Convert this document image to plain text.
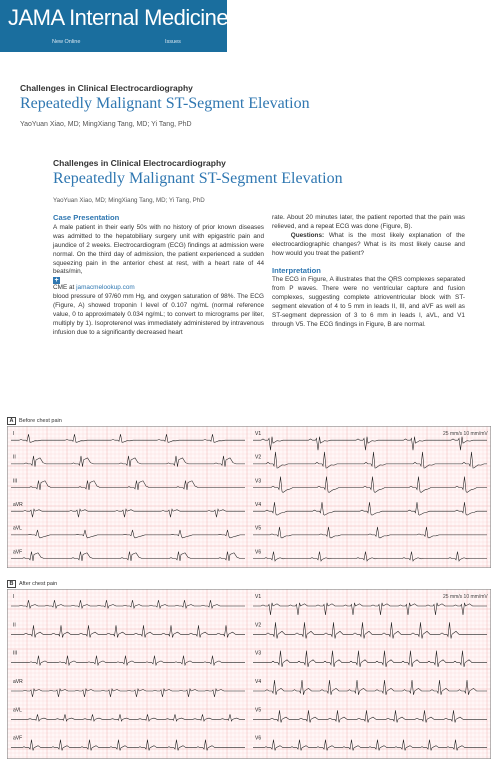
JAMA Internal Medicine
New Online	Issues
Challenges in Clinical Electrocardiography
Repeatedly Malignant ST-Segment Elevation
YaoYuan Xiao, MD; MingXiang Tang, MD; Yi Tang, PhD
Challenges in Clinical Electrocardiography
Repeatedly Malignant ST-Segment Elevation
YaoYuan Xiao, MD; MingXiang Tang, MD; Yi Tang, PhD
Case Presentation

A male patient in their early 50s with no history of prior known diseases was admitted to the hepatobiliary surgery unit with epigastric pain and jaundice of 2 weeks. Electrocardiogram (ECG) findings at admission were normal. On the third day of admission, the patient experienced a sudden squeezing pain in the anterior chest at rest, with a heart rate of 44 beats/min,

+

CME at jamacmelookup.com

blood pressure of 97/60 mm Hg, and oxygen saturation of 98%. The ECG (Figure, A) showed troponin I level of 0.107 ng/mL (normal reference value, 0 to approximately 0.034 ng/mL; to convert to micrograms per liter, multiply by 1). Isoproterenol was immediately administered by intravenous infusion due to a significantly decreased heart

rate. About 20 minutes later, the patient reported that the pain was relieved, and a repeat ECG was done (Figure, B).

Questions: What is the most likely explanation of the electrocardiographic changes? What is its most likely cause and how would you treat the patient?

Interpretation

The ECG in Figure, A illustrates that the QRS complexes separated from P waves. There were no ventricular capture and fusion complexes, suggesting complete atrioventricular block with ST-segment elevation of 4 to 5 mm in leads II, III, and aVF as well as ST-segment depression of 3 to 6 mm in leads I, aVL, and V1 through V5. The ECG findings in Figure, B are normal.

A Before chest pain
I
II
III
aVR
aVL
aVF
V1
V2
V3
V4
V5
V6
25 mm/s 10 mm/mV
B After chest pain
I
II
III
aVR
aVL
aVF
V1
V2
V3
V4
V5
V6
25 mm/s 10 mm/mV
